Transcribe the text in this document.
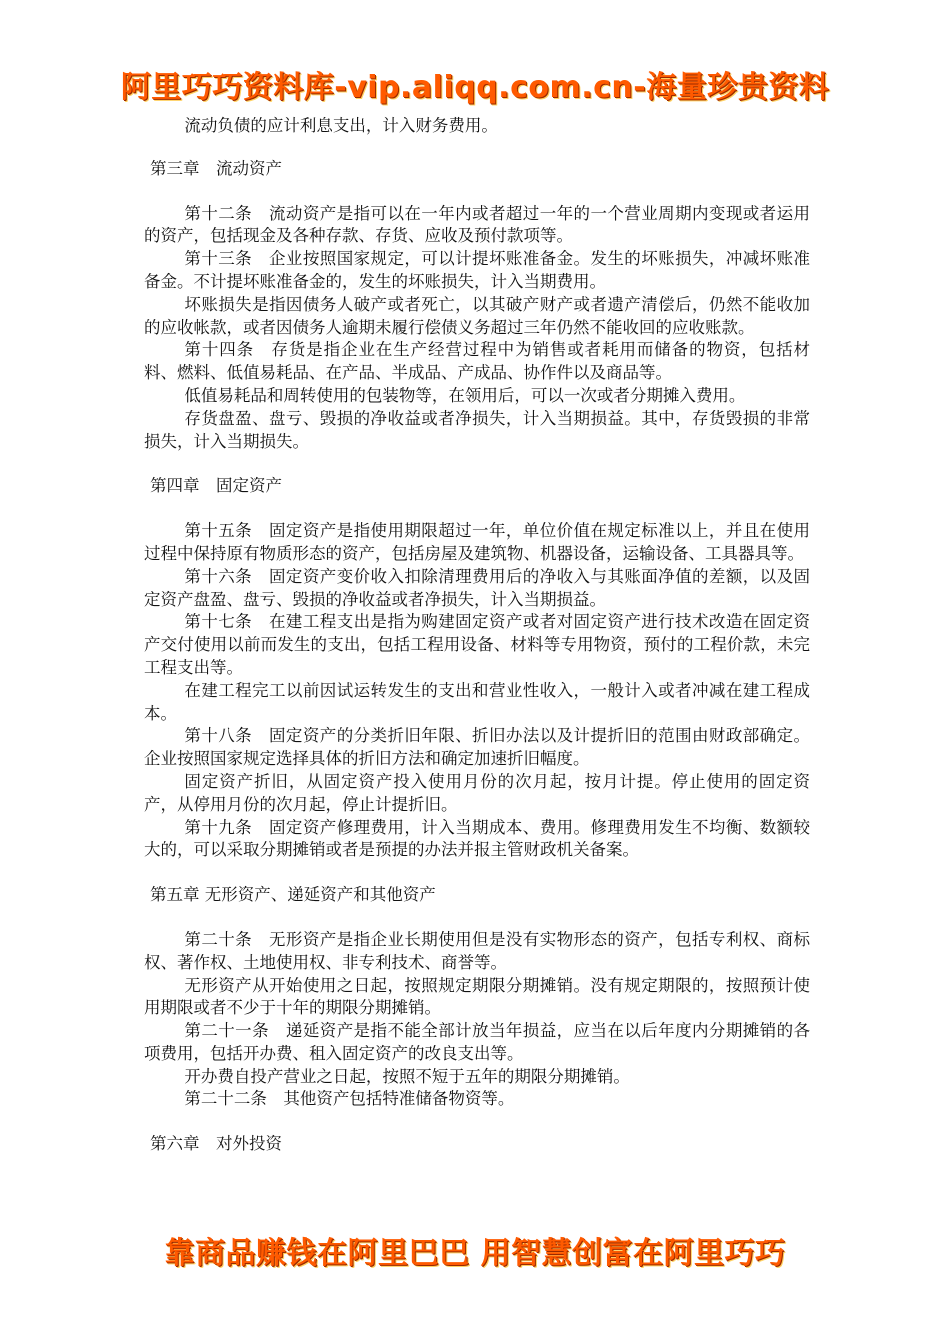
阿里巧巧资料库-vip.aliqq.com.cn-海量珍贵资料

流动负债的应计利息支出，计入财务费用。

第三章　流动资产

第十二条　流动资产是指可以在一年内或者超过一年的一个营业周期内变现或者运用的资产，包括现金及各种存款、存货、应收及预付款项等。

第十三条　企业按照国家规定，可以计提坏账准备金。发生的坏账损失，冲减坏账准备金。不计提坏账准备金的，发生的坏账损失，计入当期费用。

坏账损失是指因债务人破产或者死亡，以其破产财产或者遗产清偿后，仍然不能收加的应收帐款，或者因债务人逾期未履行偿债义务超过三年仍然不能收回的应收账款。

第十四条　存货是指企业在生产经营过程中为销售或者耗用而储备的物资，包括材料、燃料、低值易耗品、在产品、半成品、产成品、协作件以及商品等。

低值易耗品和周转使用的包装物等，在领用后，可以一次或者分期摊入费用。

存货盘盈、盘亏、毁损的净收益或者净损失，计入当期损益。其中，存货毁损的非常损失，计入当期损失。

第四章　固定资产

第十五条　固定资产是指使用期限超过一年，单位价值在规定标准以上，并且在使用过程中保持原有物质形态的资产，包括房屋及建筑物、机器设备，运输设备、工具器具等。

第十六条　固定资产变价收入扣除清理费用后的净收入与其账面净值的差额，以及固定资产盘盈、盘亏、毁损的净收益或者净损失，计入当期损益。

第十七条　在建工程支出是指为购建固定资产或者对固定资产进行技术改造在固定资产交付使用以前而发生的支出，包括工程用设备、材料等专用物资，预付的工程价款，未完工程支出等。

在建工程完工以前因试运转发生的支出和营业性收入，一般计入或者冲减在建工程成本。

第十八条　固定资产的分类折旧年限、折旧办法以及计提折旧的范围由财政部确定。企业按照国家规定选择具体的折旧方法和确定加速折旧幅度。

固定资产折旧，从固定资产投入使用月份的次月起，按月计提。停止使用的固定资产，从停用月份的次月起，停止计提折旧。

第十九条　固定资产修理费用，计入当期成本、费用。修理费用发生不均衡、数额较大的，可以采取分期摊销或者是预提的办法并报主管财政机关备案。

第五章 无形资产、递延资产和其他资产

第二十条　无形资产是指企业长期使用但是没有实物形态的资产，包括专利权、商标权、著作权、土地使用权、非专利技术、商誉等。

无形资产从开始使用之日起，按照规定期限分期摊销。没有规定期限的，按照预计使用期限或者不少于十年的期限分期摊销。

第二十一条　递延资产是指不能全部计放当年损益，应当在以后年度内分期摊销的各项费用，包括开办费、租入固定资产的改良支出等。

开办费自投产营业之日起，按照不短于五年的期限分期摊销。

第二十二条　其他资产包括特准储备物资等。

第六章　对外投资

靠商品赚钱在阿里巴巴 用智慧创富在阿里巧巧
